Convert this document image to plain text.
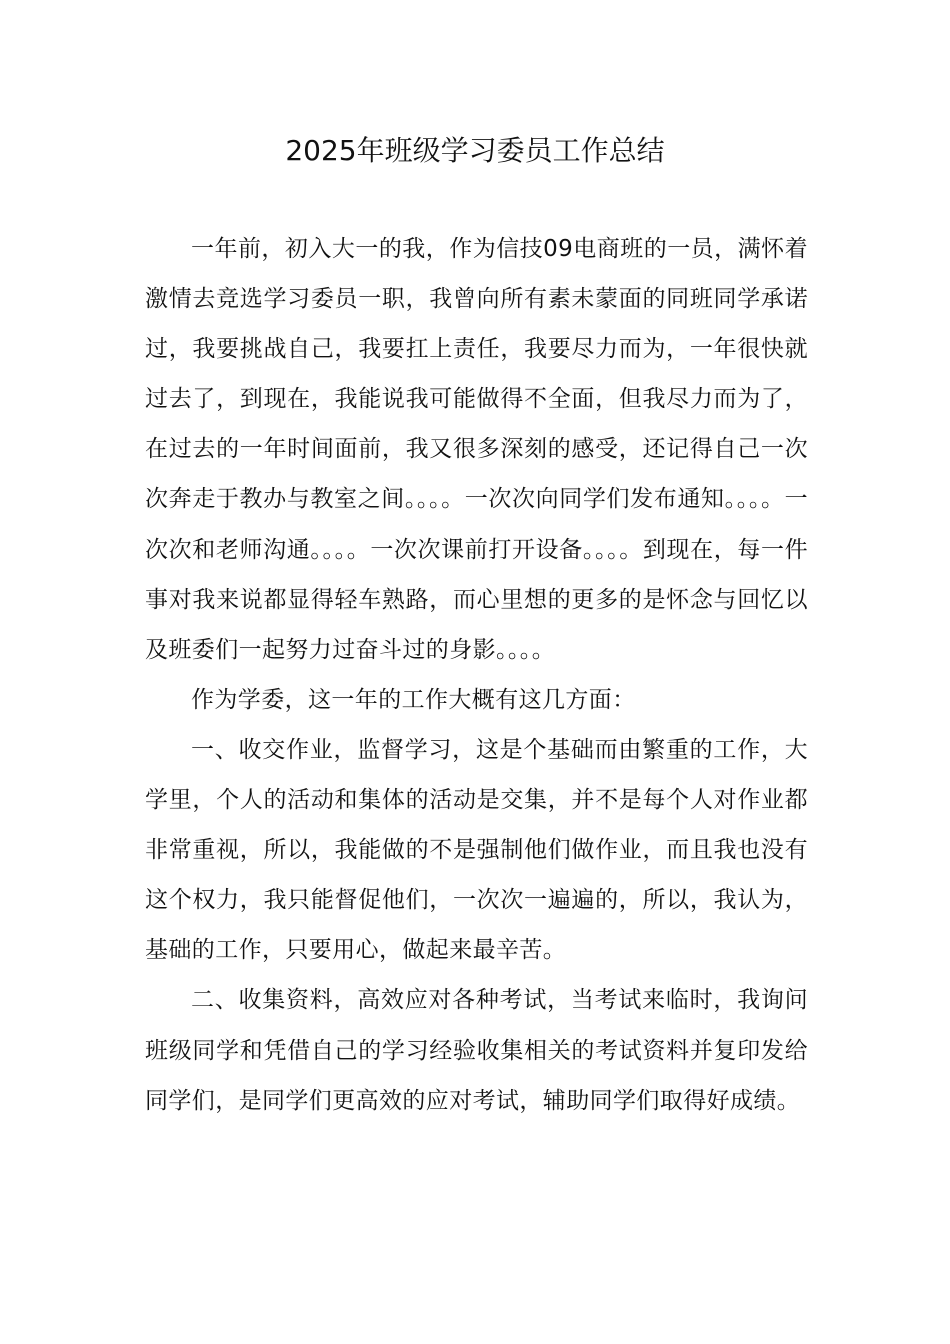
2025年班级学习委员工作总结

一年前，初入大一的我，作为信技09电商班的一员，满怀着激情去竞选学习委员一职，我曾向所有素未蒙面的同班同学承诺过，我要挑战自己，我要扛上责任，我要尽力而为，一年很快就过去了，到现在，我能说我可能做得不全面，但我尽力而为了，在过去的一年时间面前，我又很多深刻的感受，还记得自己一次次奔走于教办与教室之间。。。。一次次向同学们发布通知。。。。一次次和老师沟通。。。。一次次课前打开设备。。。。到现在，每一件事对我来说都显得轻车熟路，而心里想的更多的是怀念与回忆以及班委们一起努力过奋斗过的身影。。。。

作为学委，这一年的工作大概有这几方面：

一、收交作业，监督学习，这是个基础而由繁重的工作，大学里，个人的活动和集体的活动是交集，并不是每个人对作业都非常重视，所以，我能做的不是强制他们做作业，而且我也没有这个权力，我只能督促他们，一次次一遍遍的，所以，我认为，基础的工作，只要用心，做起来最辛苦。

二、收集资料，高效应对各种考试，当考试来临时，我询问班级同学和凭借自己的学习经验收集相关的考试资料并复印发给同学们，是同学们更高效的应对考试，辅助同学们取得好成绩。
